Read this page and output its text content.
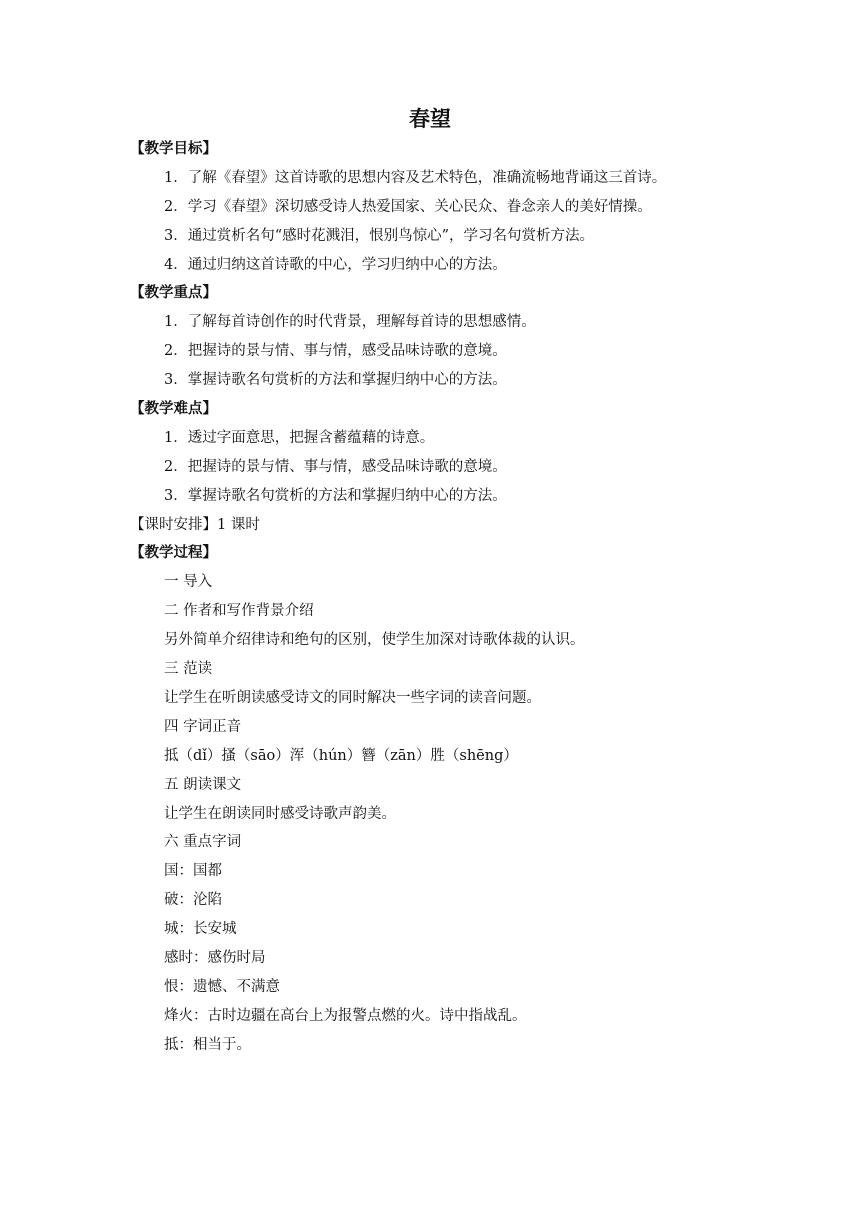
春望
【教学目标】
1．了解《春望》这首诗歌的思想内容及艺术特色，准确流畅地背诵这三首诗。
2．学习《春望》深切感受诗人热爱国家、关心民众、眷念亲人的美好情操。
3．通过赏析名句“感时花溅泪，恨别鸟惊心”，学习名句赏析方法。
4．通过归纳这首诗歌的中心，学习归纳中心的方法。
【教学重点】
1．了解每首诗创作的时代背景，理解每首诗的思想感情。
2．把握诗的景与情、事与情，感受品味诗歌的意境。
3．掌握诗歌名句赏析的方法和掌握归纳中心的方法。
【教学难点】
1．透过字面意思，把握含蓄蕴藉的诗意。
2．把握诗的景与情、事与情，感受品味诗歌的意境。
3．掌握诗歌名句赏析的方法和掌握归纳中心的方法。
【课时安排】1 课时
【教学过程】
一 导入
二 作者和写作背景介绍
另外简单介绍律诗和绝句的区别，使学生加深对诗歌体裁的认识。
三 范读
让学生在听朗读感受诗文的同时解决一些字词的读音问题。
四 字词正音
抵（dǐ）搔（sāo）浑（hún）簪（zān）胜（shēng）
五 朗读课文
让学生在朗读同时感受诗歌声韵美。
六 重点字词
国：国都
破：沦陷
城：长安城
感时：感伤时局
恨：遗憾、不满意
烽火：古时边疆在高台上为报警点燃的火。诗中指战乱。
抵：相当于。
